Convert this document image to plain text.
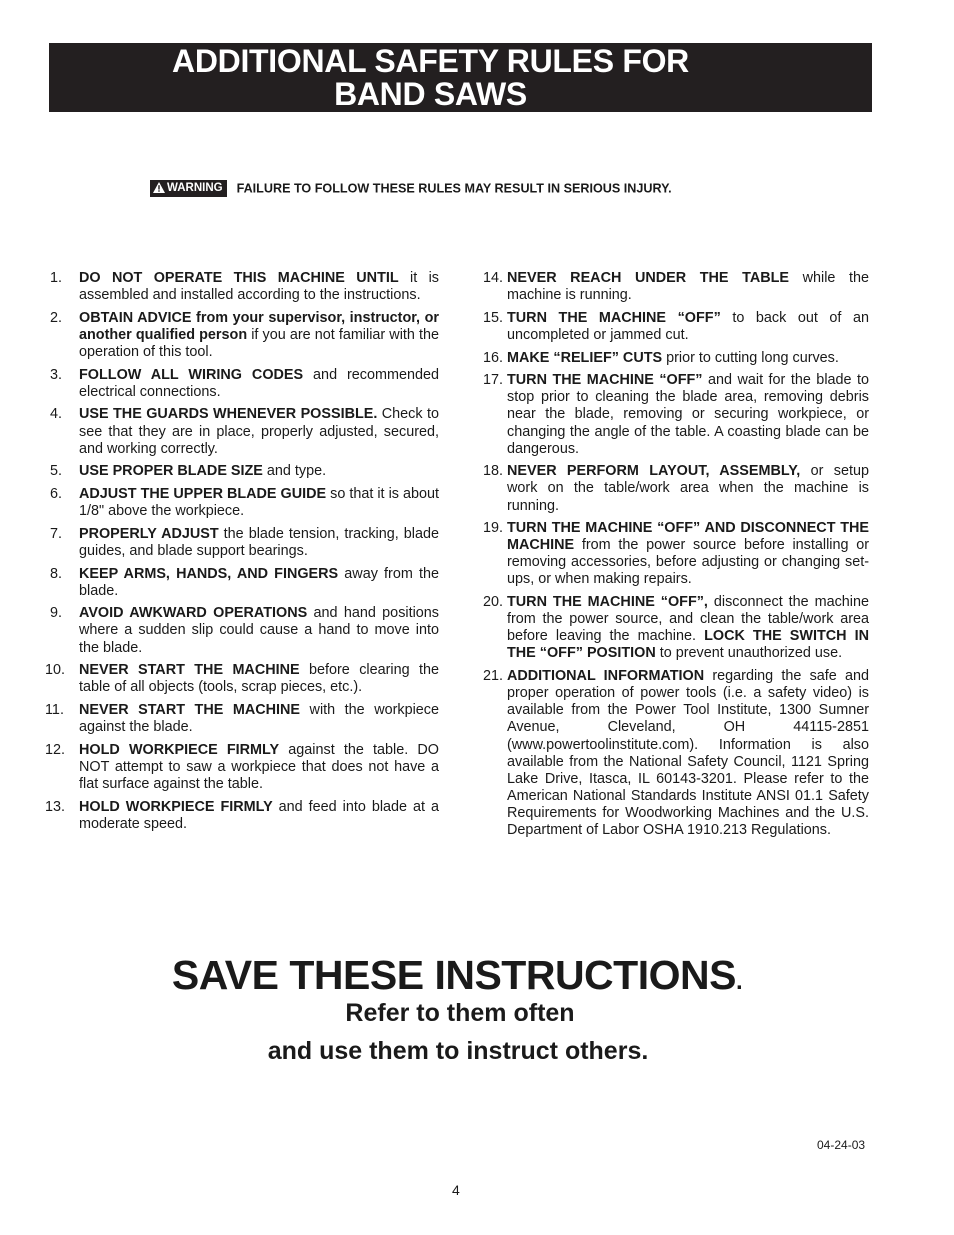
ADDITIONAL SAFETY RULES FOR
BAND SAWS
WARNING FAILURE TO FOLLOW THESE RULES MAY RESULT IN SERIOUS INJURY.
1.	DO NOT OPERATE THIS MACHINE UNTIL it is assembled and installed according to the instructions.
2.	OBTAIN ADVICE from your supervisor, instructor, or another qualified person if you are not familiar with the operation of this tool.
3.	FOLLOW ALL WIRING CODES and recommended electrical connections.
4.	USE THE GUARDS WHENEVER POSSIBLE. Check to see that they are in place, properly adjusted, secured, and working correctly.
5.	USE PROPER BLADE SIZE and type.
6.	ADJUST THE UPPER BLADE GUIDE so that it is about 1/8" above the workpiece.
7.	PROPERLY ADJUST the blade tension, tracking, blade guides, and blade support bearings.
8.	KEEP ARMS, HANDS, AND FINGERS away from the blade.
9.	AVOID AWKWARD OPERATIONS and hand positions where a sudden slip could cause a hand to move into the blade.
10. NEVER START THE MACHINE before clearing the table of all objects (tools, scrap pieces, etc.).
11.	NEVER START THE MACHINE with the workpiece against the blade.
12. HOLD WORKPIECE FIRMLY against the table. DO NOT attempt to saw a workpiece that does not have a flat surface against the table.
13. HOLD WORKPIECE FIRMLY and feed into blade at a moderate speed.
14. NEVER REACH UNDER THE TABLE while the machine is running.
15. TURN THE MACHINE “OFF” to back out of an uncompleted or jammed cut.
16. MAKE “RELIEF” CUTS prior to cutting long curves.
17. TURN THE MACHINE “OFF” and wait for the blade to stop prior to cleaning the blade area, removing debris near the blade, removing or securing workpiece, or changing the angle of the table. A coasting blade can be dangerous.
18. NEVER PERFORM LAYOUT, ASSEMBLY, or setup work on the table/work area when the machine is running.
19. TURN THE MACHINE “OFF” AND DISCONNECT THE MACHINE from the power source before installing or removing accessories, before adjusting or changing set-ups, or when making repairs.
20. TURN THE MACHINE “OFF”, disconnect the machine from the power source, and clean the table/work area before leaving the machine. LOCK THE SWITCH IN THE “OFF” POSITION to prevent unauthorized use.
21. ADDITIONAL INFORMATION regarding the safe and proper operation of power tools (i.e. a safety video) is available from the Power Tool Institute, 1300 Sumner Avenue, Cleveland, OH 44115-2851 (www.powertoolinstitute.com). Information is also available from the National Safety Council, 1121 Spring Lake Drive, Itasca, IL 60143-3201. Please refer to the American National Standards Institute ANSI 01.1 Safety Requirements for Woodworking Machines and the U.S. Department of Labor OSHA 1910.213 Regulations.
SAVE THESE INSTRUCTIONS.
Refer to them often
and use them to instruct others.
04-24-03
4
